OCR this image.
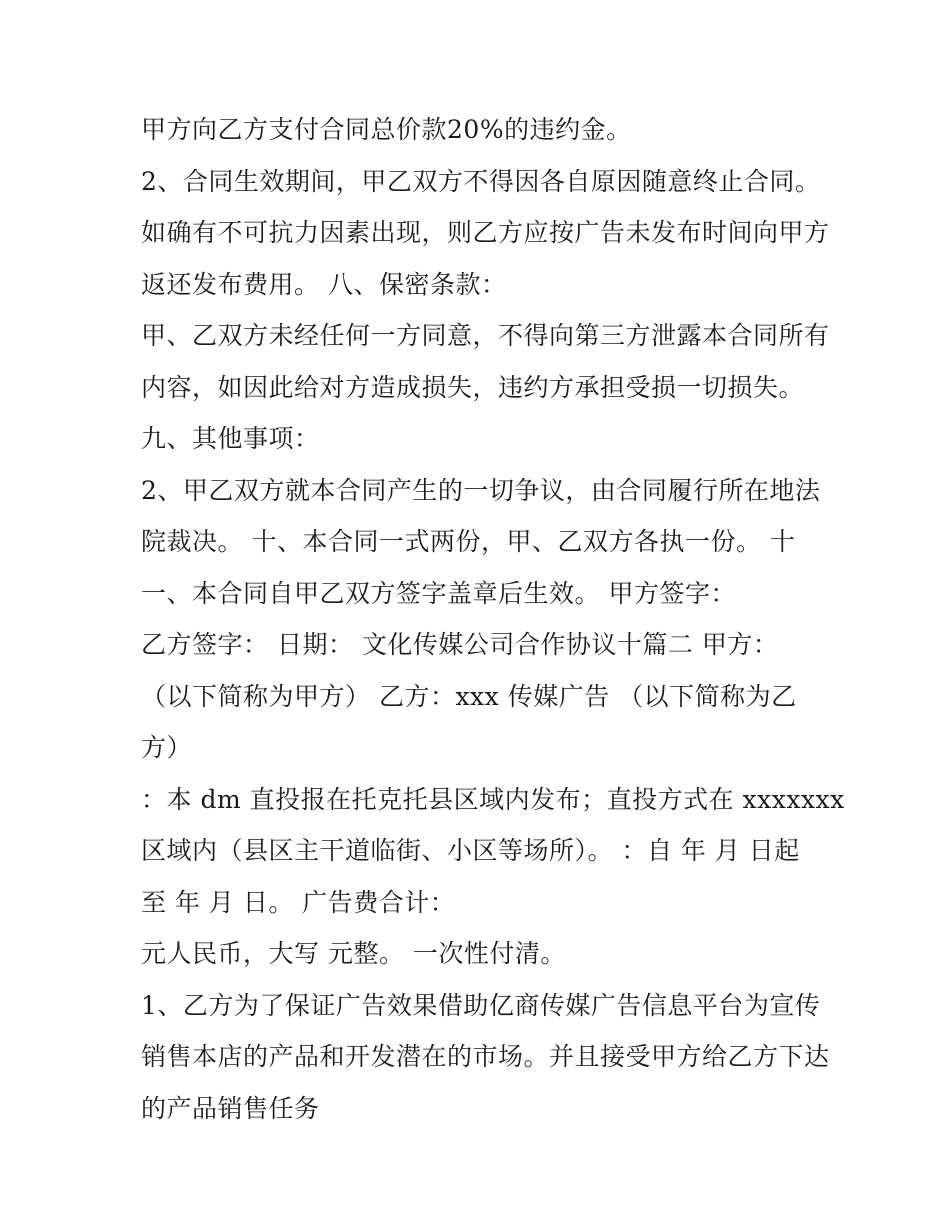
甲方向乙方支付合同总价款20%的违约金。
2、合同生效期间，甲乙双方不得因各自原因随意终止合同。
如确有不可抗力因素出现，则乙方应按广告未发布时间向甲方
返还发布费用。 八、保密条款：
甲、乙双方未经任何一方同意，不得向第三方泄露本合同所有
内容，如因此给对方造成损失，违约方承担受损一切损失。
九、其他事项：
2、甲乙双方就本合同产生的一切争议，由合同履行所在地法
院裁决。 十、本合同一式两份，甲、乙双方各执一份。 十
一、本合同自甲乙双方签字盖章后生效。 甲方签字：
乙方签字： 日期： 文化传媒公司合作协议十篇二 甲方：
（以下简称为甲方） 乙方：xxx 传媒广告 （以下简称为乙
方）
：本 dm 直投报在托克托县区域内发布；直投方式在 xxxxxxx
区域内（县区主干道临街、小区等场所）。 ：自 年 月 日起
至 年 月 日。 广告费合计：
元人民币，大写 元整。 一次性付清。
1、乙方为了保证广告效果借助亿商传媒广告信息平台为宣传
销售本店的产品和开发潜在的市场。并且接受甲方给乙方下达
的产品销售任务
